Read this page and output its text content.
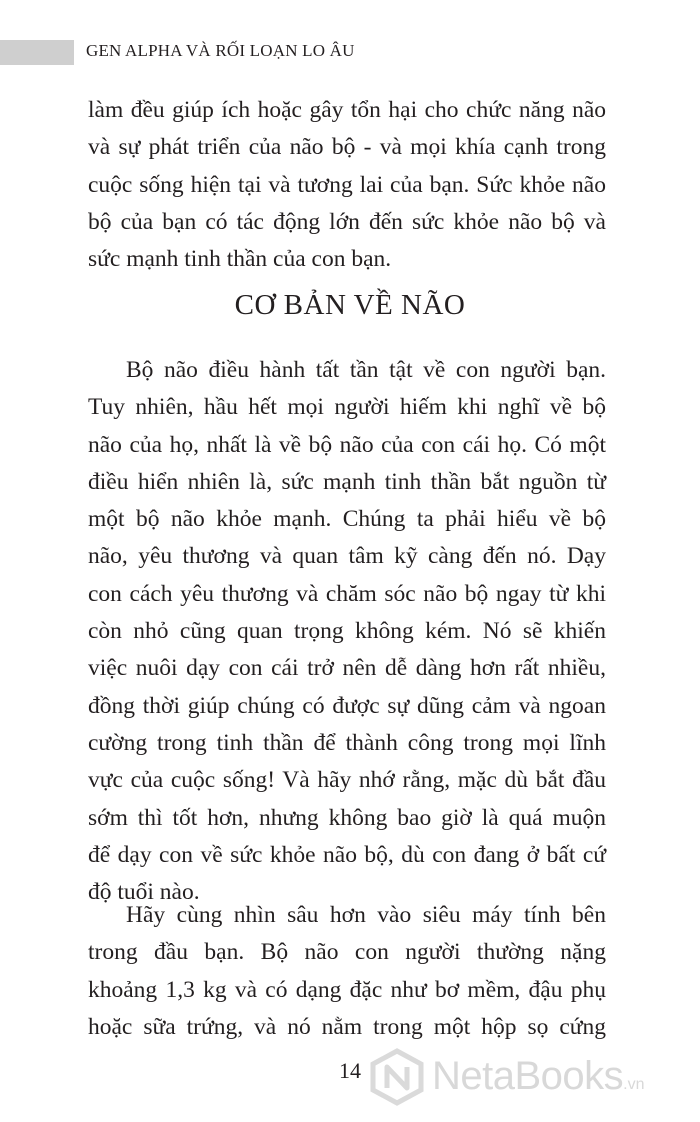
GEN ALPHA VÀ RỐI LOẠN LO ÂU

làm đều giúp ích hoặc gây tổn hại cho chức năng não
và sự phát triển của não bộ - và mọi khía cạnh trong
cuộc sống hiện tại và tương lai của bạn. Sức khỏe não
bộ của bạn có tác động lớn đến sức khỏe não bộ và
sức mạnh tinh thần của con bạn.

CƠ BẢN VỀ NÃO

Bộ não điều hành tất tần tật về con người bạn.
Tuy nhiên, hầu hết mọi người hiếm khi nghĩ về bộ
não của họ, nhất là về bộ não của con cái họ. Có một
điều hiển nhiên là, sức mạnh tinh thần bắt nguồn từ
một bộ não khỏe mạnh. Chúng ta phải hiểu về bộ
não, yêu thương và quan tâm kỹ càng đến nó. Dạy
con cách yêu thương và chăm sóc não bộ ngay từ khi
còn nhỏ cũng quan trọng không kém. Nó sẽ khiến
việc nuôi dạy con cái trở nên dễ dàng hơn rất nhiều,
đồng thời giúp chúng có được sự dũng cảm và ngoan
cường trong tinh thần để thành công trong mọi lĩnh
vực của cuộc sống! Và hãy nhớ rằng, mặc dù bắt đầu
sớm thì tốt hơn, nhưng không bao giờ là quá muộn
để dạy con về sức khỏe não bộ, dù con đang ở bất cứ
độ tuổi nào.

Hãy cùng nhìn sâu hơn vào siêu máy tính bên
trong đầu bạn. Bộ não con người thường nặng
khoảng 1,3 kg và có dạng đặc như bơ mềm, đậu phụ
hoặc sữa trứng, và nó nằm trong một hộp sọ cứng

14	NetaBooks.vn
